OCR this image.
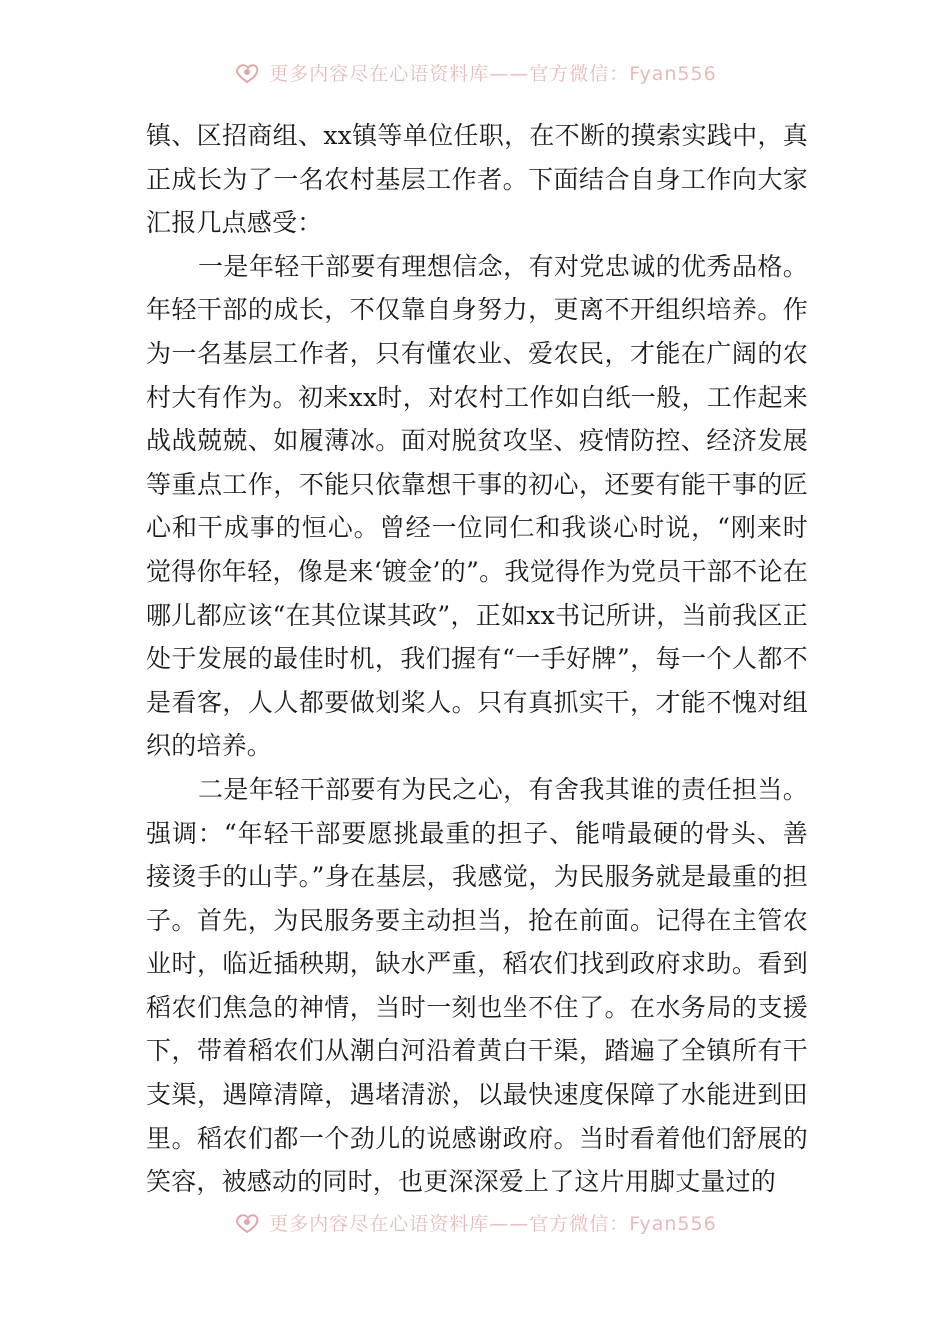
更多内容尽在心语资料库——官方微信：Fyan556

镇、区招商组、xx镇等单位任职，在不断的摸索实践中，真正成长为了一名农村基层工作者。下面结合自身工作向大家汇报几点感受：

一是年轻干部要有理想信念，有对党忠诚的优秀品格。年轻干部的成长，不仅靠自身努力，更离不开组织培养。作为一名基层工作者，只有懂农业、爱农民，才能在广阔的农村大有作为。初来xx时，对农村工作如白纸一般，工作起来战战兢兢、如履薄冰。面对脱贫攻坚、疫情防控、经济发展等重点工作，不能只依靠想干事的初心，还要有能干事的匠心和干成事的恒心。曾经一位同仁和我谈心时说，“刚来时觉得你年轻，像是来‘镀金’的”。我觉得作为党员干部不论在哪儿都应该“在其位谋其政”，正如xx书记所讲，当前我区正处于发展的最佳时机，我们握有“一手好牌”，每一个人都不是看客，人人都要做划桨人。只有真抓实干，才能不愧对组织的培养。

二是年轻干部要有为民之心，有舍我其谁的责任担当。强调：“年轻干部要愿挑最重的担子、能啃最硬的骨头、善接烫手的山芋。”身在基层，我感觉，为民服务就是最重的担子。首先，为民服务要主动担当，抢在前面。记得在主管农业时，临近插秧期，缺水严重，稻农们找到政府求助。看到稻农们焦急的神情，当时一刻也坐不住了。在水务局的支援下，带着稻农们从潮白河沿着黄白干渠，踏遍了全镇所有干支渠，遇障清障，遇堵清淤，以最快速度保障了水能进到田里。稻农们都一个劲儿的说感谢政府。当时看着他们舒展的笑容，被感动的同时，也更深深爱上了这片用脚丈量过的

更多内容尽在心语资料库——官方微信：Fyan556
